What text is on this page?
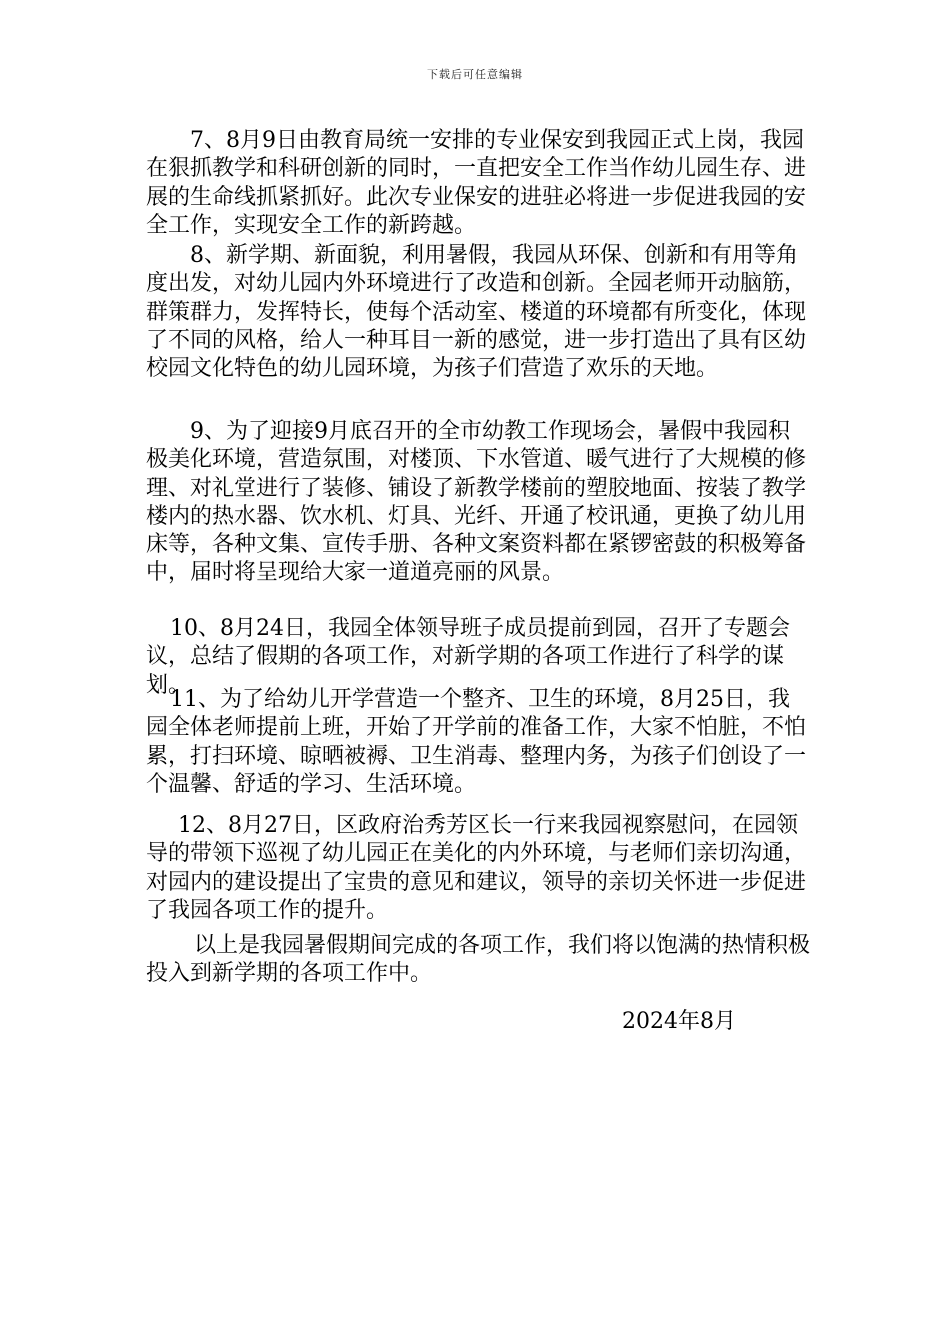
下载后可任意编辑

7、8月9日由教育局统一安排的专业保安到我园正式上岗，我园在狠抓教学和科研创新的同时，一直把安全工作当作幼儿园生存、进展的生命线抓紧抓好。此次专业保安的进驻必将进一步促进我园的安全工作，实现安全工作的新跨越。

8、新学期、新面貌，利用暑假，我园从环保、创新和有用等角度出发，对幼儿园内外环境进行了改造和创新。全园老师开动脑筋，群策群力，发挥特长，使每个活动室、楼道的环境都有所变化，体现了不同的风格，给人一种耳目一新的感觉，进一步打造出了具有区幼校园文化特色的幼儿园环境，为孩子们营造了欢乐的天地。

9、为了迎接9月底召开的全市幼教工作现场会，暑假中我园积极美化环境，营造氛围，对楼顶、下水管道、暖气进行了大规模的修理、对礼堂进行了装修、铺设了新教学楼前的塑胶地面、按装了教学楼内的热水器、饮水机、灯具、光纤、开通了校讯通，更换了幼儿用床等，各种文集、宣传手册、各种文案资料都在紧锣密鼓的积极筹备中，届时将呈现给大家一道道亮丽的风景。

10、8月24日，我园全体领导班子成员提前到园，召开了专题会议，总结了假期的各项工作，对新学期的各项工作进行了科学的谋划。

11、为了给幼儿开学营造一个整齐、卫生的环境，8月25日，我园全体老师提前上班，开始了开学前的准备工作，大家不怕脏，不怕累，打扫环境、晾晒被褥、卫生消毒、整理内务，为孩子们创设了一个温馨、舒适的学习、生活环境。

12、8月27日，区政府治秀芳区长一行来我园视察慰问，在园领导的带领下巡视了幼儿园正在美化的内外环境，与老师们亲切沟通，对园内的建设提出了宝贵的意见和建议，领导的亲切关怀进一步促进了我园各项工作的提升。

以上是我园暑假期间完成的各项工作，我们将以饱满的热情积极投入到新学期的各项工作中。

2024年8月
